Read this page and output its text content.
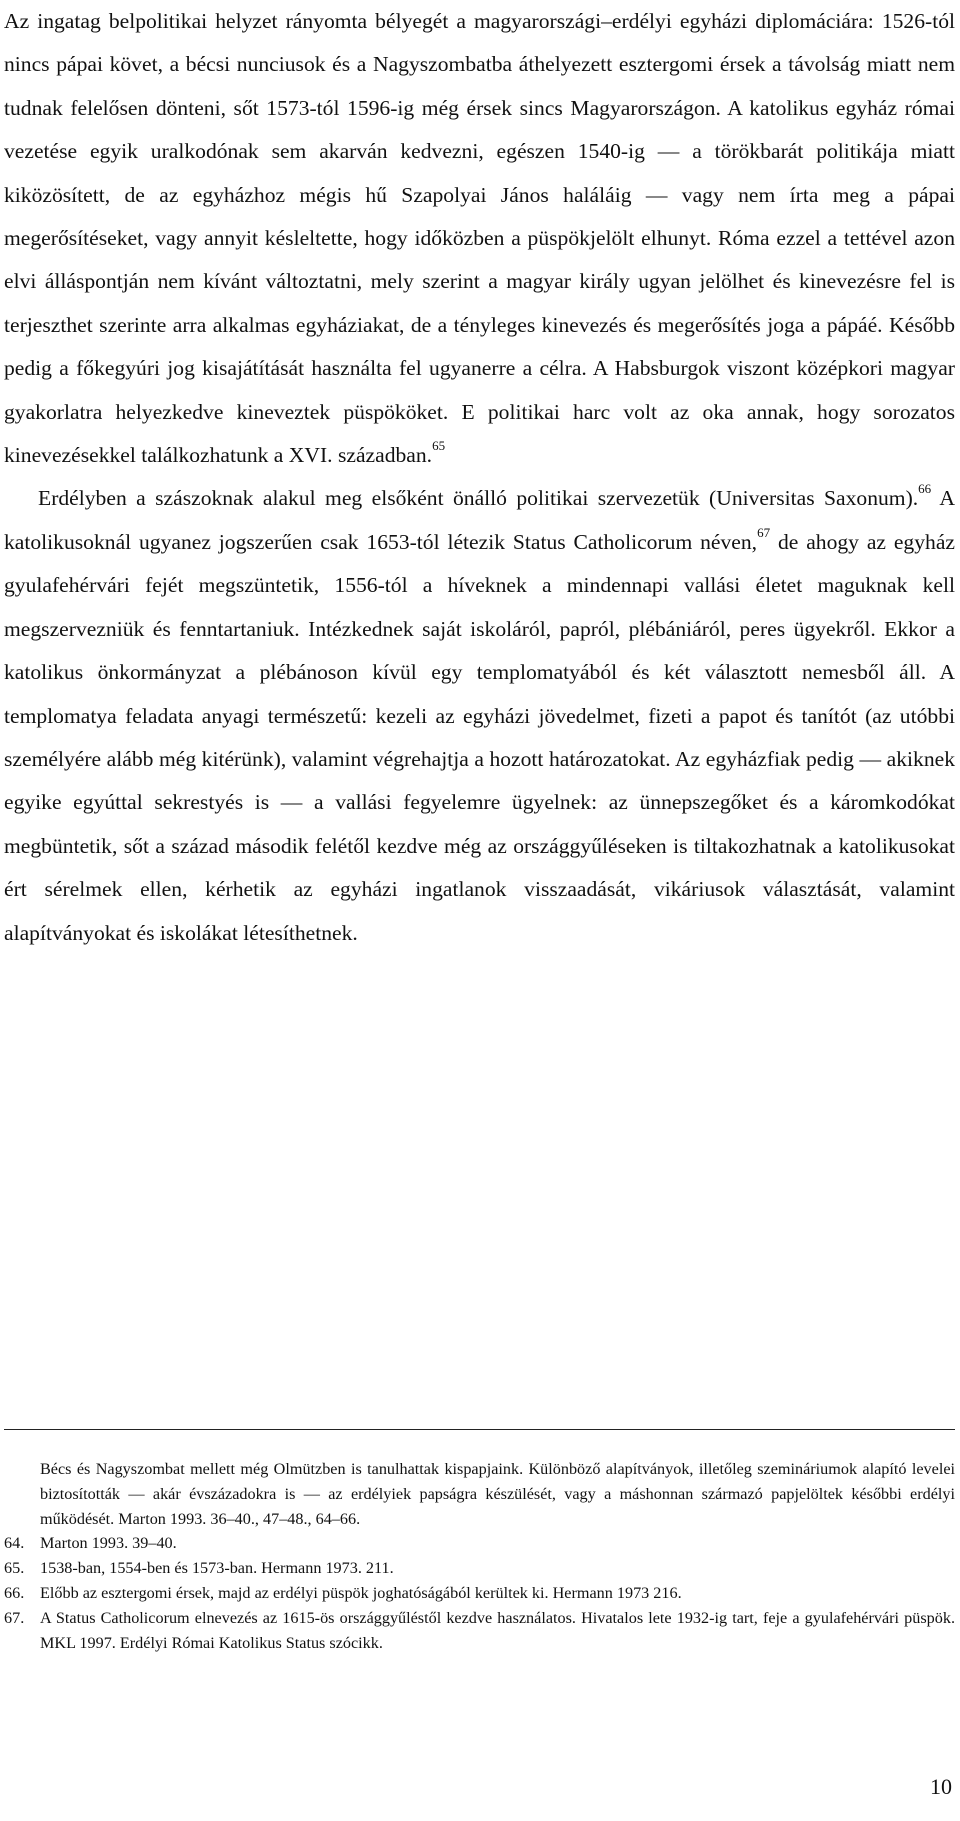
Az ingatag belpolitikai helyzet rányomta bélyegét a magyarországi–erdélyi egyházi diplomáciára: 1526-tól nincs pápai követ, a bécsi nunciusok és a Nagyszombatba áthelyezett esztergomi érsek a távolság miatt nem tudnak felelősen dönteni, sőt 1573-tól 1596-ig még érsek sincs Magyarországon. A katolikus egyház római vezetése egyik uralkodónak sem akarván kedvezni, egészen 1540-ig — a törökbarát politikája miatt kiközösített, de az egyházhoz mégis hű Szapolyai János haláláig — vagy nem írta meg a pápai megerősítéseket, vagy annyit késleltette, hogy időközben a püspökjelölt elhunyt. Róma ezzel a tettével azon elvi álláspontján nem kívánt változtatni, mely szerint a magyar király ugyan jelölhet és kinevezésre fel is terjeszthet szerinte arra alkalmas egyháziakat, de a tényleges kinevezés és megerősítés joga a pápáé. Később pedig a főkegyúri jog kisajátítását használta fel ugyanerre a célra. A Habsburgok viszont középkori magyar gyakorlatra helyezkedve kineveztek püspököket. E politikai harc volt az oka annak, hogy sorozatos kinevezésekkel találkozhatunk a XVI. században.$^{65}$

Erdélyben a szászoknak alakul meg elsőként önálló politikai szervezetük (Universitas Saxonum).$^{66}$ A katolikusoknál ugyanez jogszerűen csak 1653-tól létezik Status Catholicorum néven,$^{67}$ de ahogy az egyház gyulafehérvári fejét megszüntetik, 1556-tól a híveknek a mindennapi vallási életet maguknak kell megszervezniük és fenntartaniuk. Intézkednek saját iskoláról, papról, plébániáról, peres ügyekről. Ekkor a katolikus önkormányzat a plébánoson kívül egy templomatyából és két választott nemesből áll. A templomatya feladata anyagi természetű: kezeli az egyházi jövedelmet, fizeti a papot és tanítót (az utóbbi személyére alább még kitérünk), valamint végrehajtja a hozott határozatokat. Az egyházfiak pedig — akiknek egyike egyúttal sekrestyés is — a vallási fegyelemre ügyelnek: az ünnepszegőket és a káromkodókat megbüntetik, sőt a század második felétől kezdve még az országgyűléseken is tiltakozhatnak a katolikusokat ért sérelmek ellen, kérhetik az egyházi ingatlanok visszaadását, vikáriusok választását, valamint alapítványokat és iskolákat létesíthetnek.

Bécs és Nagyszombat mellett még Olmützben is tanulhattak kispapjaink. Különböző alapítványok, illetőleg szemináriumok alapító levelei biztosították — akár évszázadokra is — az erdélyiek papságra készülését, vagy a máshonnan származó papjelöltek későbbi erdélyi működését. Marton 1993. 36–40., 47–48., 64–66.

64. Marton 1993. 39–40.

65. 1538-ban, 1554-ben és 1573-ban. Hermann 1973. 211.

66. Előbb az esztergomi érsek, majd az erdélyi püspök joghatóságából kerültek ki. Hermann 1973 216.

67. A Status Catholicorum elnevezés az 1615-ös országgyűléstől kezdve használatos. Hivatalos lete 1932-ig tart, feje a gyulafehérvári püspök. MKL 1997. Erdélyi Római Katolikus Status szócikk.

10
